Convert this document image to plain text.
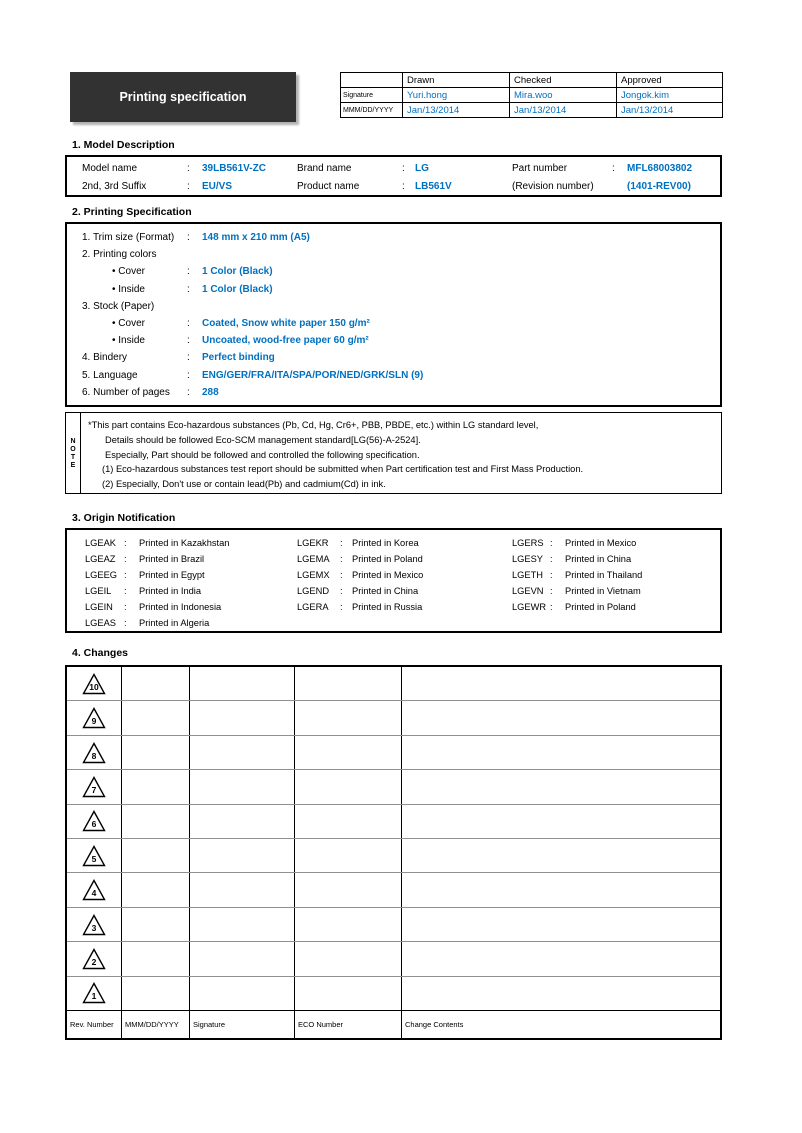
Printing specification
	Drawn	Checked	Approved
Signature	Yuri.hong	Mira.woo	Jongok.kim
MMM/DD/YYYY	Jan/13/2014	Jan/13/2014	Jan/13/2014
1. Model Description
Model name	:	39LB561V-ZC	Brand name	:	LG	Part number	:	MFL68003802
2nd, 3rd Suffix	:	EU/VS	Product name	:	LB561V	(Revision number)	(1401-REV00)
2. Printing Specification
1. Trim size (Format)	:	148 mm x 210 mm (A5)
2. Printing colors
• Cover	:	1 Color (Black)
• Inside	:	1 Color (Black)
3. Stock (Paper)
• Cover	:	Coated, Snow white paper 150 g/m²
• Inside	:	Uncoated, wood-free paper 60 g/m²
4. Bindery	:	Perfect binding
5. Language	:	ENG/GER/FRA/ITA/SPA/POR/NED/GRK/SLN (9)
6. Number of pages	:	288
N
O
T
E
*This part contains Eco-hazardous substances (Pb, Cd, Hg, Cr6+, PBB, PBDE, etc.) within LG standard level,
Details should be followed Eco-SCM management standard[LG(56)-A-2524].
Especially, Part should be followed and controlled the following specification.
(1) Eco-hazardous substances test report should be submitted when Part certification test and First Mass Production.
(2) Especially, Don't use or contain lead(Pb) and cadmium(Cd) in ink.
3. Origin Notification
LGEAK :	Printed in Kazakhstan	LGEKR	:	Printed in Korea	LGERS :	Printed in Mexico
LGEAZ :	Printed in Brazil	LGEMA	:	Printed in Poland	LGESY :	Printed in China
LGEEG :	Printed in Egypt	LGEMX	:	Printed in Mexico	LGETH :	Printed in Thailand
LGEIL	:	Printed in India	LGEND	:	Printed in China	LGEVN :	Printed in Vietnam
LGEIN	:	Printed in Indonesia	LGERA	:	Printed in Russia	LGEWR :	Printed in Poland
LGEAS :	Printed in Algeria
4. Changes
10
9
8
7
6
5
4
3
2
1
Rev. Number	MMM/DD/YYYY	Signature	ECO Number	Change Contents
